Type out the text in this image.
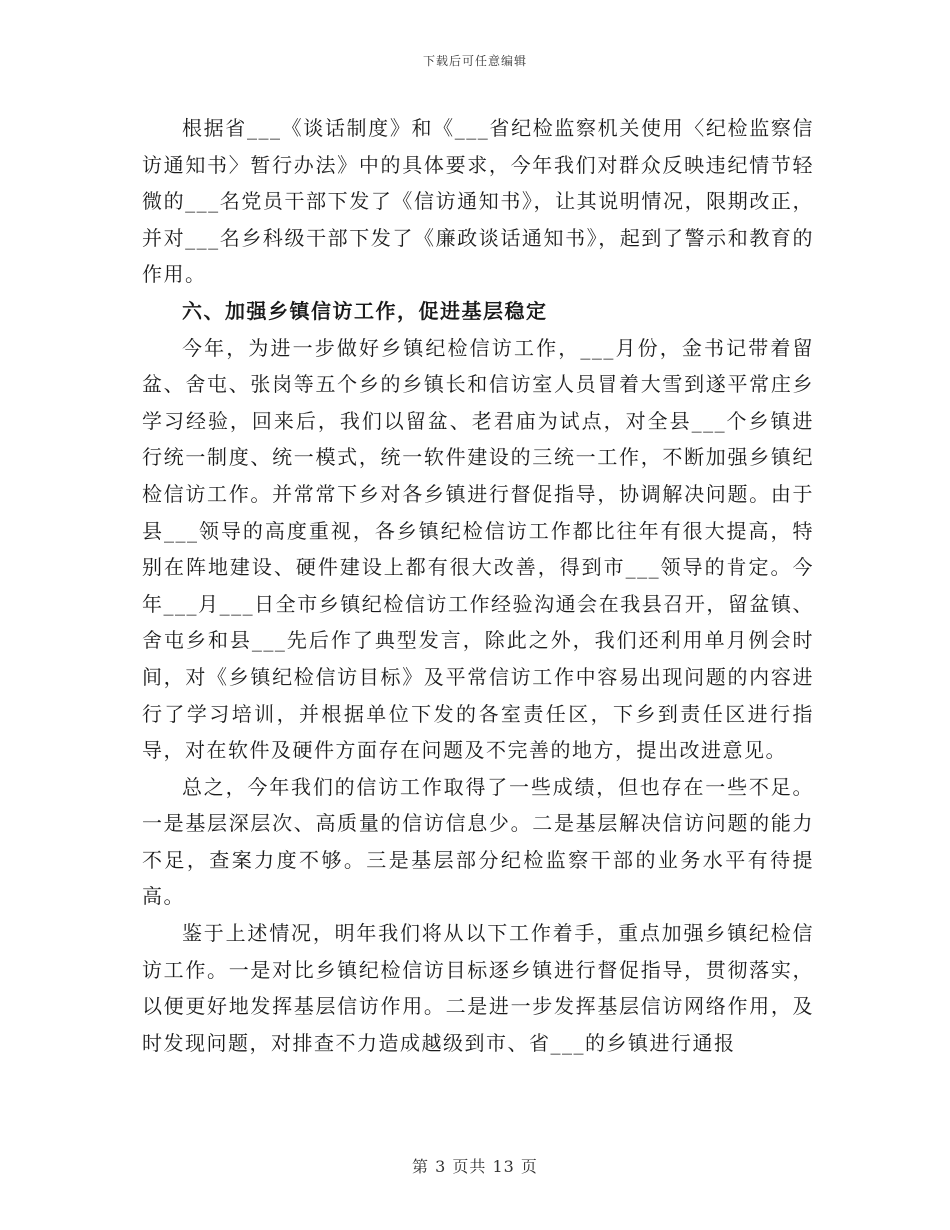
下载后可任意编辑

根据省___《谈话制度》和《___省纪检监察机关使用〈纪检监察信访通知书〉暂行办法》中的具体要求，今年我们对群众反映违纪情节轻微的___名党员干部下发了《信访通知书》，让其说明情况，限期改正，并对___名乡科级干部下发了《廉政谈话通知书》，起到了警示和教育的作用。

六、加强乡镇信访工作，促进基层稳定

今年，为进一步做好乡镇纪检信访工作，___月份，金书记带着留盆、舍屯、张岗等五个乡的乡镇长和信访室人员冒着大雪到遂平常庄乡学习经验，回来后，我们以留盆、老君庙为试点，对全县___个乡镇进行统一制度、统一模式，统一软件建设的三统一工作，不断加强乡镇纪检信访工作。并常常下乡对各乡镇进行督促指导，协调解决问题。由于县___领导的高度重视，各乡镇纪检信访工作都比往年有很大提高，特别在阵地建设、硬件建设上都有很大改善，得到市___领导的肯定。今年___月___日全市乡镇纪检信访工作经验沟通会在我县召开，留盆镇、舍屯乡和县___先后作了典型发言，除此之外，我们还利用单月例会时间，对《乡镇纪检信访目标》及平常信访工作中容易出现问题的内容进行了学习培训，并根据单位下发的各室责任区，下乡到责任区进行指导，对在软件及硬件方面存在问题及不完善的地方，提出改进意见。

总之，今年我们的信访工作取得了一些成绩，但也存在一些不足。一是基层深层次、高质量的信访信息少。二是基层解决信访问题的能力不足，查案力度不够。三是基层部分纪检监察干部的业务水平有待提高。

鉴于上述情况，明年我们将从以下工作着手，重点加强乡镇纪检信访工作。一是对比乡镇纪检信访目标逐乡镇进行督促指导，贯彻落实，以便更好地发挥基层信访作用。二是进一步发挥基层信访网络作用，及时发现问题，对排查不力造成越级到市、省___的乡镇进行通报

第 3 页共 13 页
